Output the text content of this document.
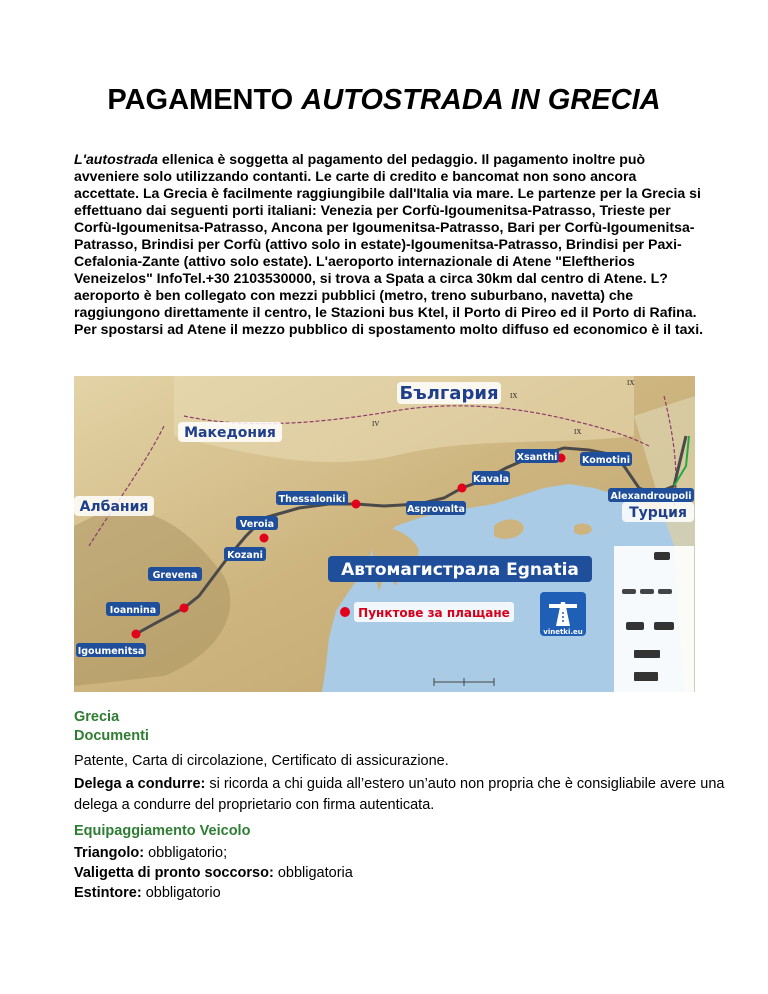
PAGAMENTO AUTOSTRADA IN GRECIA
L'autostrada ellenica è soggetta al pagamento del pedaggio. Il pagamento inoltre può avveniere solo utilizzando contanti. Le carte di credito e bancomat non sono ancora accettate. La Grecia è facilmente raggiungibile dall'Italia via mare. Le partenze per la Grecia si effettuano dai seguenti porti italiani: Venezia per Corfù-Igoumenitsa-Patrasso, Trieste per Corfù-Igoumenitsa-Patrasso, Ancona per Igoumenitsa-Patrasso, Bari per Corfù-Igoumenitsa-Patrasso, Brindisi per Corfù (attivo solo in estate)-Igoumenitsa-Patrasso, Brindisi per Paxi-Cefalonia-Zante (attivo solo estate). L'aeroporto internazionale di Atene "Eleftherios Veneizelos" InfoTel.+30 2103530000, si trova a Spata a circa 30km dal centro di Atene. L?aeroporto è ben collegato con mezzi pubblici (metro, treno suburbano, navetta) che raggiungono direttamente il centro, le Stazioni bus Ktel, il Porto di Pireo ed il Porto di Rafina. Per spostarsi ad Atene il mezzo pubblico di spostamento molto diffuso ed economico è il taxi.
IX
IX
IV
IX
България
Македония
Албания	Турция
Xsanthi	Komotini
Kavala
Thessaloniki
Asprovalta
Alexandroupoli
Veroia
Kozani
Grevena
Ioannina
Igoumenitsa
Автомагистрала Egnatia
Пунктове за плащане
vinetki.eu
Grecia
Documenti
Patente, Carta di circolazione, Certificato di assicurazione.
Delega a condurre: si ricorda a chi guida all’estero un’auto non propria che è consigliabile avere una delega a condurre del proprietario con firma autenticata.
Equipaggiamento Veicolo
Triangolo: obbligatorio;
Valigetta di pronto soccorso: obbligatoria
Estintore: obbligatorio
